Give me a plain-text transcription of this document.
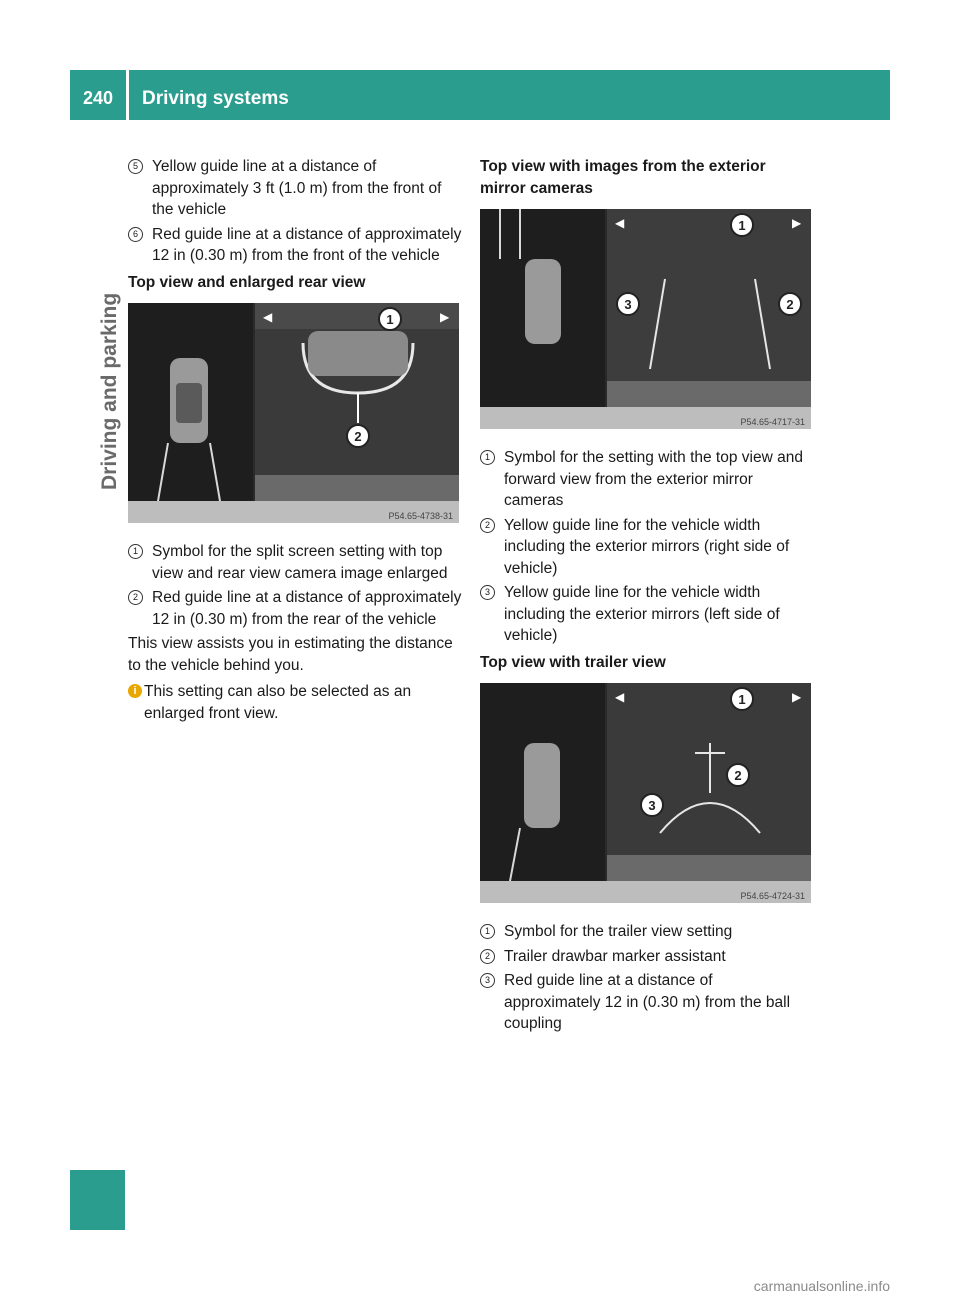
240	Driving systems
Driving and parking
5 Yellow guide line at a distance of approximately 3 ft (1.0 m) from the front of the vehicle
6 Red guide line at a distance of approximately 12 in (0.30 m) from the front of the vehicle
Top view and enlarged rear view
◀	▶
1
2
P54.65-4738-31
1 Symbol for the split screen setting with top view and rear view camera image enlarged
2 Red guide line at a distance of approximately 12 in (0.30 m) from the rear of the vehicle
This view assists you in estimating the distance to the vehicle behind you.
i This setting can also be selected as an enlarged front view.
Top view with images from the exterior mirror cameras
◀	▶
1
3	2
P54.65-4717-31
1 Symbol for the setting with the top view and forward view from the exterior mirror cameras
2 Yellow guide line for the vehicle width including the exterior mirrors (right side of vehicle)
3 Yellow guide line for the vehicle width including the exterior mirrors (left side of vehicle)
Top view with trailer view
◀	▶
1
2
3
P54.65-4724-31
1 Symbol for the trailer view setting
2 Trailer drawbar marker assistant
3 Red guide line at a distance of approximately 12 in (0.30 m) from the ball coupling
carmanualsonline.info
